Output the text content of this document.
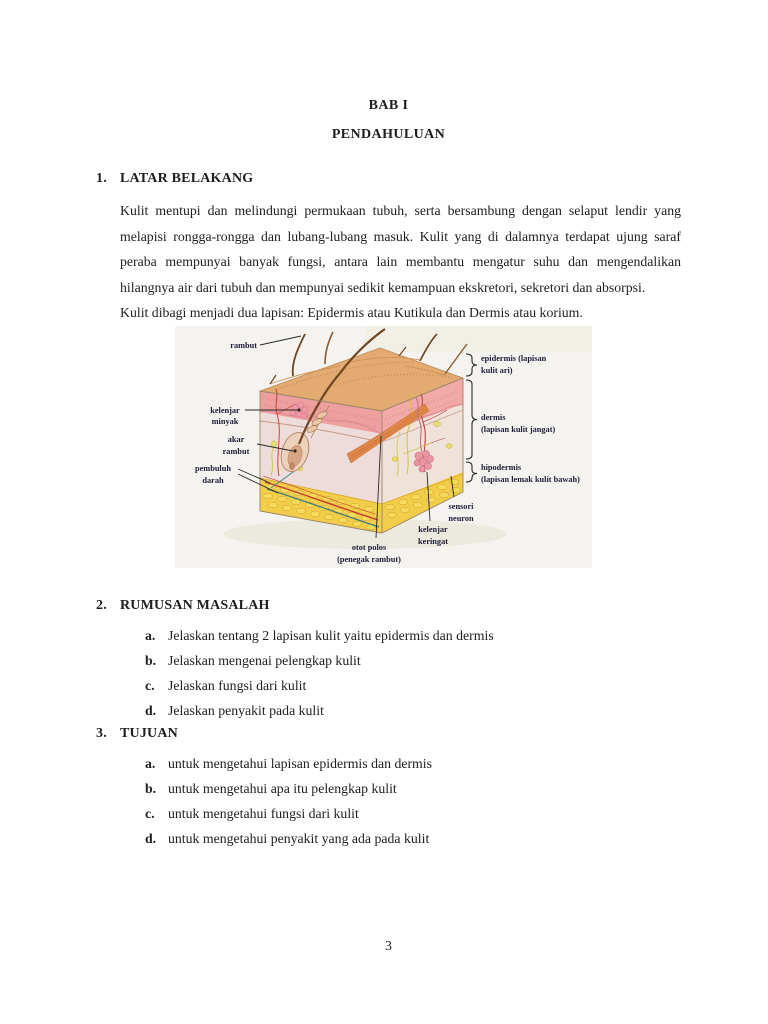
BAB I
PENDAHULUAN
1. LATAR BELAKANG

Kulit mentupi dan melindungi permukaan tubuh, serta bersambung dengan selaput lendir yang melapisi rongga-rongga dan lubang-lubang masuk. Kulit yang di dalamnya terdapat ujung saraf peraba mempunyai banyak fungsi, antara lain membantu mengatur suhu dan mengendalikan hilangnya air dari tubuh dan mempunyai sedikit kemampuan ekskretori, sekretori dan absorpsi.

Kulit dibagi menjadi dua lapisan: Epidermis atau Kutikula dan Dermis atau korium.

rambut
kelenjar
minyak
akar
rambut
pembuluh
darah
epidermis (lapisan
kulit ari)
dermis
(lapisan kulit jangat)
hipodermis
(lapisan lemak kulit bawah)
sensori
neuron
kelenjar
keringat
otot polos
(penegak rambut)
2. RUMUSAN MASALAH
a. Jelaskan tentang 2 lapisan kulit yaitu epidermis dan dermis
b. Jelaskan mengenai pelengkap kulit
c. Jelaskan fungsi dari kulit
d. Jelaskan penyakit pada kulit
3. TUJUAN
a. untuk mengetahui lapisan epidermis dan dermis
b. untuk mengetahui apa itu pelengkap kulit
c. untuk mengetahui fungsi dari kulit
d. untuk mengetahui penyakit yang ada pada kulit
3
